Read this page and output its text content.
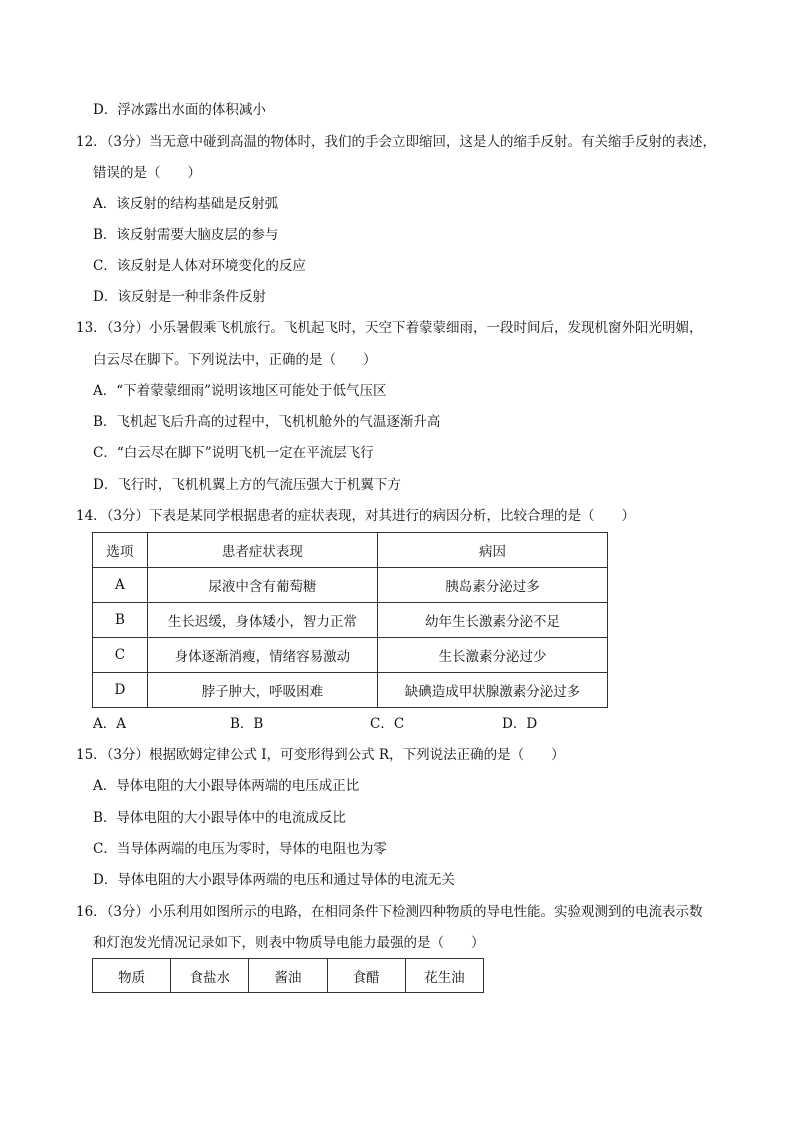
D．浮冰露出水面的体积减小
12．（3分）当无意中碰到高温的物体时，我们的手会立即缩回，这是人的缩手反射。有关缩手反射的表述，
错误的是（　　）
A．该反射的结构基础是反射弧
B．该反射需要大脑皮层的参与
C．该反射是人体对环境变化的反应
D．该反射是一种非条件反射
13．（3分）小乐暑假乘飞机旅行。飞机起飞时，天空下着蒙蒙细雨，一段时间后，发现机窗外阳光明媚，
白云尽在脚下。下列说法中，正确的是（　　）
A．“下着蒙蒙细雨”说明该地区可能处于低气压区
B．飞机起飞后升高的过程中，飞机机舱外的气温逐渐升高
C．“白云尽在脚下”说明飞机一定在平流层飞行
D．飞行时，飞机机翼上方的气流压强大于机翼下方
14．（3分）下表是某同学根据患者的症状表现，对其进行的病因分析，比较合理的是（　　）
选项	患者症状表现	病因
A	尿液中含有葡萄糖	胰岛素分泌过多
B	生长迟缓，身体矮小，智力正常	幼年生长激素分泌不足
C	身体逐渐消瘦，情绪容易激动	生长激素分泌过少
D	脖子肿大，呼吸困难	缺碘造成甲状腺激素分泌过多
A．A	B．B	C．C	D．D
15．（3分）根据欧姆定律公式 I，可变形得到公式 R，下列说法正确的是（　　）
A．导体电阻的大小跟导体两端的电压成正比
B．导体电阻的大小跟导体中的电流成反比
C．当导体两端的电压为零时，导体的电阻也为零
D．导体电阻的大小跟导体两端的电压和通过导体的电流无关
16．（3分）小乐利用如图所示的电路，在相同条件下检测四种物质的导电性能。实验观测到的电流表示数
和灯泡发光情况记录如下，则表中物质导电能力最强的是（　　）
物质	食盐水	酱油	食醋	花生油
